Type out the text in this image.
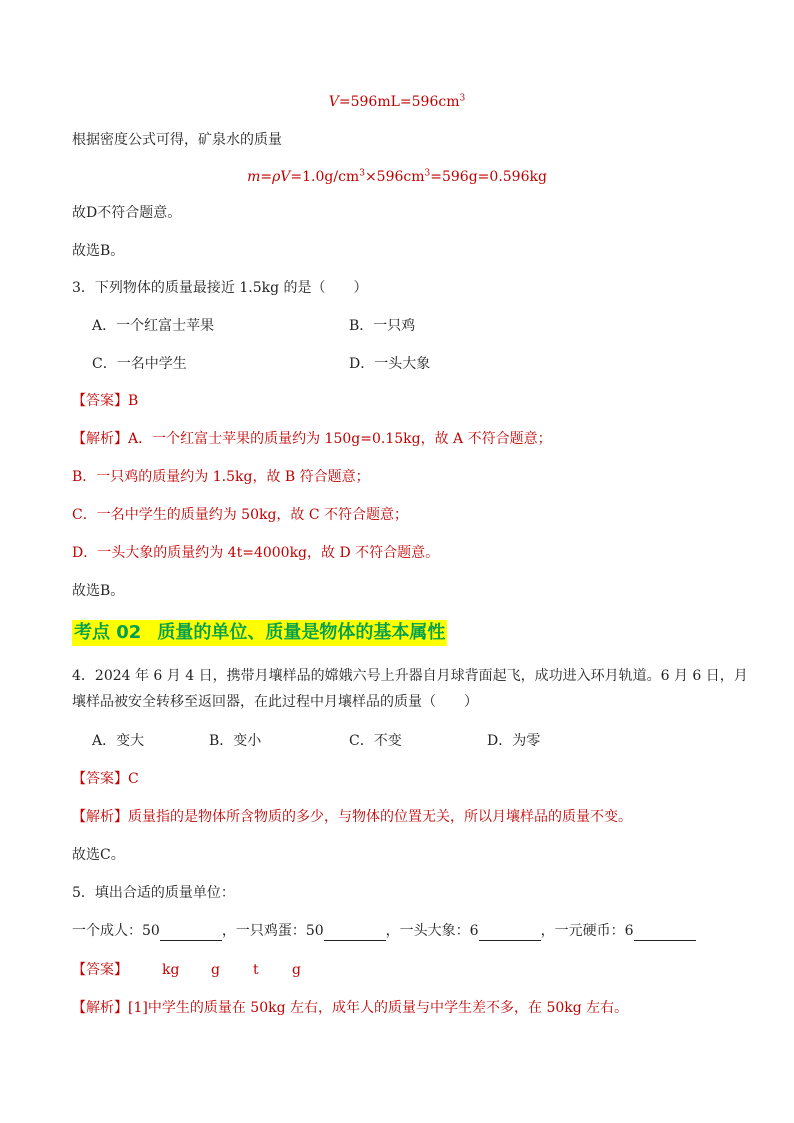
$V=596mL=596cm^3$
根据密度公式可得，矿泉水的质量
$m=\rho V=1.0g/cm^3\times 596cm^3=596g=0.596kg$
故D不符合题意。
故选B。
3．下列物体的质量最接近 1.5kg 的是（　　）
A．一个红富士苹果	B．一只鸡
C．一名中学生	D．一头大象
【答案】B
【解析】A．一个红富士苹果的质量约为 150g=0.15kg，故 A 不符合题意；
B．一只鸡的质量约为 1.5kg，故 B 符合题意；
C．一名中学生的质量约为 50kg，故 C 不符合题意；
D．一头大象的质量约为 4t=4000kg，故 D 不符合题意。
故选B。
考点 02 质量的单位、质量是物体的基本属性
4．2024 年 6 月 4 日，携带月壤样品的嫦娥六号上升器自月球背面起飞，成功进入环月轨道。6 月 6 日，月
壤样品被安全转移至返回器，在此过程中月壤样品的质量（　　）
A．变大	B．变小	C．不变	D．为零
【答案】C
【解析】质量指的是物体所含物质的多少，与物体的位置无关，所以月壤样品的质量不变。
故选C。
5．填出合适的质量单位：
一个成人：50	，一只鸡蛋：50	，一头大象：6	，一元硬币：6
【答案】 kg g t g
【解析】[1]中学生的质量在 50kg 左右，成年人的质量与中学生差不多，在 50kg 左右。
